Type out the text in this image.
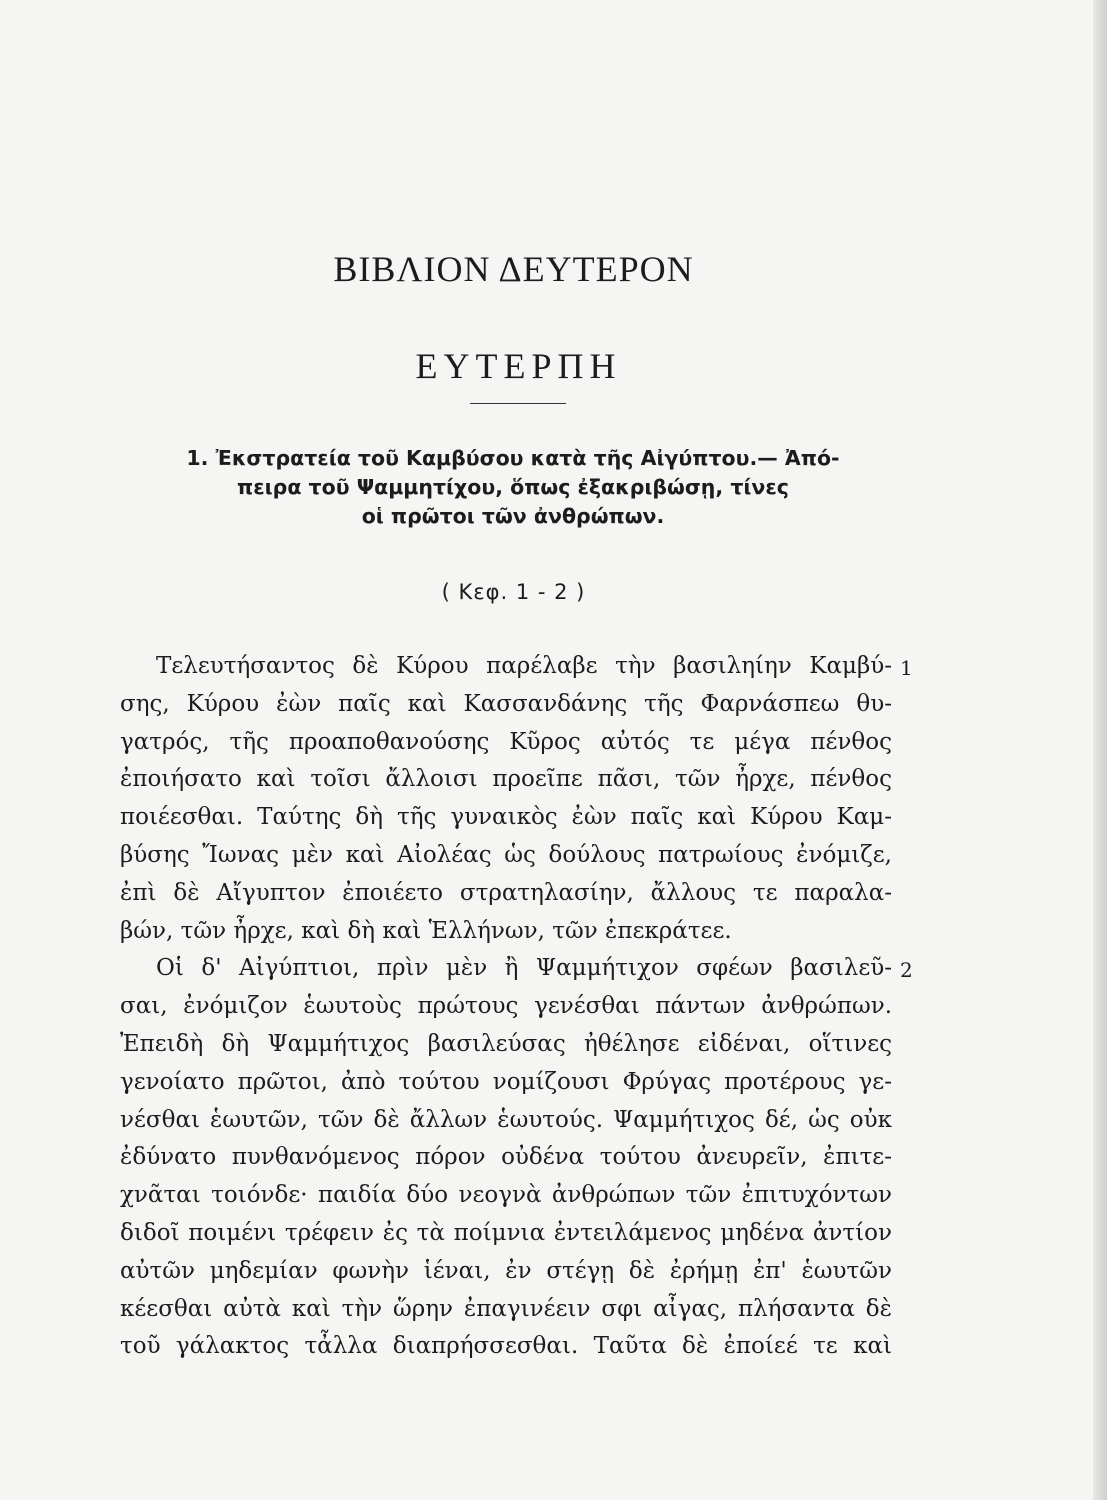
ΒΙΒΛΙΟΝ ΔΕΥΤΕΡΟΝ
ΕΥΤΕΡΠΗ
1. Ἐκστρατεία τοῦ Καμβύσου κατὰ τῆς Αἰγύπτου.— Ἀπό-
πειρα τοῦ Ψαμμητίχου, ὅπως ἐξακριβώσῃ, τίνες
οἱ πρῶτοι τῶν ἀνθρώπων.
( Κεφ. 1 - 2 )
Τελευτήσαντος δὲ Κύρου παρέλαβε τὴν βασιληίην Καμβύ-
σης, Κύρου ἐὼν παῖς καὶ Κασσανδάνης τῆς Φαρνάσπεω θυ-
γατρός, τῆς προαποθανούσης Κῦρος αὐτός τε μέγα πένθος
ἐποιήσατο καὶ τοῖσι ἄλλοισι προεῖπε πᾶσι, τῶν ἦρχε, πένθος
ποιέεσθαι. Ταύτης δὴ τῆς γυναικὸς ἐὼν παῖς καὶ Κύρου Καμ-
βύσης Ἴωνας μὲν καὶ Αἰολέας ὡς δούλους πατρωίους ἐνόμιζε,
ἐπὶ δὲ Αἴγυπτον ἐποιέετο στρατηλασίην, ἄλλους τε παραλα-
βών, τῶν ἦρχε, καὶ δὴ καὶ Ἑλλήνων, τῶν ἐπεκράτεε.
Οἱ δ' Αἰγύπτιοι, πρὶν μὲν ἢ Ψαμμήτιχον σφέων βασιλεῦ-
σαι, ἐνόμιζον ἑωυτοὺς πρώτους γενέσθαι πάντων ἀνθρώπων.
Ἐπειδὴ δὴ Ψαμμήτιχος βασιλεύσας ἠθέλησε εἰδέναι, οἵτινες
γενοίατο πρῶτοι, ἀπὸ τούτου νομίζουσι Φρύγας προτέρους γε-
νέσθαι ἑωυτῶν, τῶν δὲ ἄλλων ἑωυτούς. Ψαμμήτιχος δέ, ὡς οὐκ
ἐδύνατο πυνθανόμενος πόρον οὐδένα τούτου ἀνευρεῖν, ἐπιτε-
χνᾶται τοιόνδε· παιδία δύο νεογνὰ ἀνθρώπων τῶν ἐπιτυχόντων
διδοῖ ποιμένι τρέφειν ἐς τὰ ποίμνια ἐντειλάμενος μηδένα ἀντίον
αὐτῶν μηδεμίαν φωνὴν ἱέναι, ἐν στέγῃ δὲ ἐρήμῃ ἐπ' ἑωυτῶν
κέεσθαι αὐτὰ καὶ τὴν ὥρην ἐπαγινέειν σφι αἶγας, πλήσαντα δὲ
τοῦ γάλακτος τἆλλα διαπρήσσεσθαι. Ταῦτα δὲ ἐποίεέ τε καὶ
1
2
